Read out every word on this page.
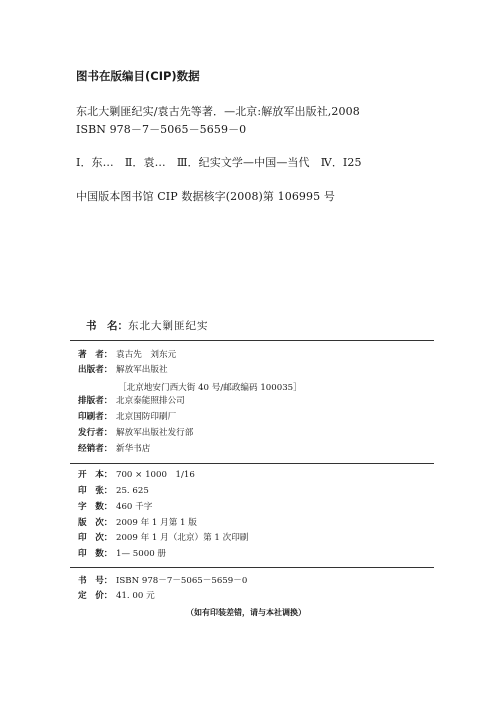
图书在版编目(CIP)数据
东北大剿匪纪实/袁古先等著．—北京:解放军出版社,2008
ISBN 978－7－5065－5659－0
Ⅰ．东…　Ⅱ．袁…　Ⅲ．纪实文学—中国—当代　Ⅳ．I25
中国版本图书馆 CIP 数据核字(2008)第 106995 号
书　名：东北大剿匪纪实
著　者： 袁古先　刘东元
出版者： 解放军出版社
［北京地安门西大街 40 号/邮政编码 100035］
排版者： 北京泰能照排公司
印刷者： 北京国防印刷厂
发行者： 解放军出版社发行部
经销者： 新华书店
开　本： 700 × 1000　1/16
印　张： 25. 625
字　数： 460 千字
版　次： 2009 年 1 月第 1 版
印　次： 2009 年 1 月（北京）第 1 次印刷
印　数： 1— 5000 册
书　号： ISBN 978－7－5065－5659－0
定　价： 41. 00 元
（如有印装差错，请与本社调换）
